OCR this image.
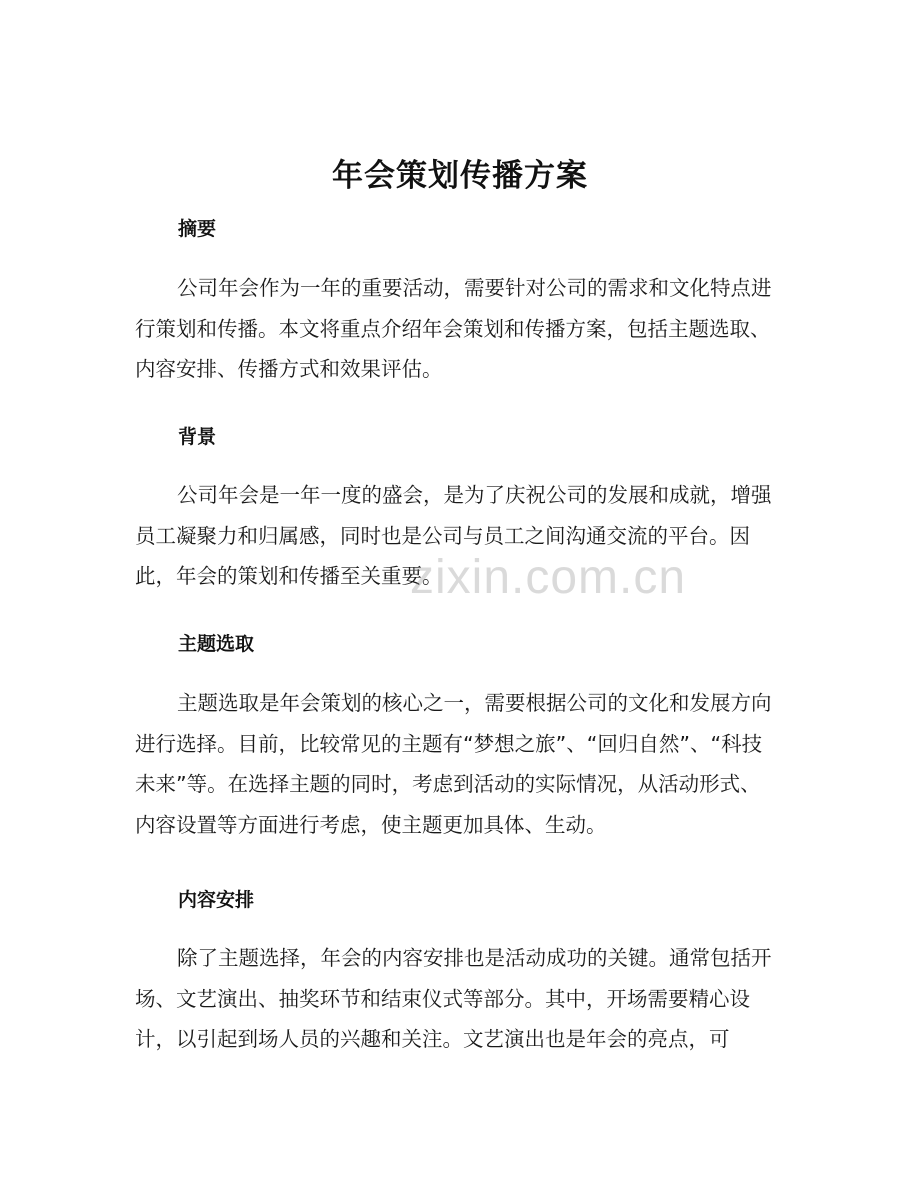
年会策划传播方案
摘要
公司年会作为一年的重要活动，需要针对公司的需求和文化特点进行策划和传播。本文将重点介绍年会策划和传播方案，包括主题选取、内容安排、传播方式和效果评估。
背景
公司年会是一年一度的盛会，是为了庆祝公司的发展和成就，增强员工凝聚力和归属感，同时也是公司与员工之间沟通交流的平台。因此，年会的策划和传播至关重要。
主题选取
主题选取是年会策划的核心之一，需要根据公司的文化和发展方向进行选择。目前，比较常见的主题有“梦想之旅”、“回归自然”、“科技未来”等。在选择主题的同时，考虑到活动的实际情况，从活动形式、内容设置等方面进行考虑，使主题更加具体、生动。
内容安排
除了主题选择，年会的内容安排也是活动成功的关键。通常包括开场、文艺演出、抽奖环节和结束仪式等部分。其中，开场需要精心设计，以引起到场人员的兴趣和关注。文艺演出也是年会的亮点，可
zixin.com.cn
